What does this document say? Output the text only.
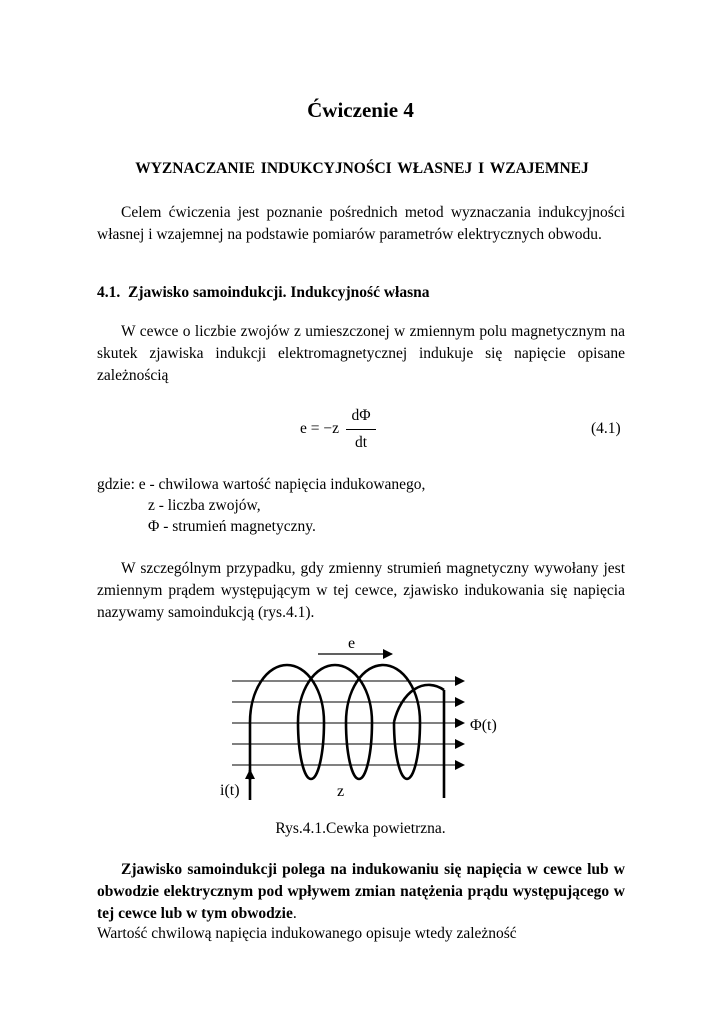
Ćwiczenie 4
WYZNACZANIE INDUKCYJNOŚCI WŁASNEJ I WZAJEMNEJ

Celem ćwiczenia jest poznanie pośrednich metod wyznaczania indukcyjności własnej i wzajemnej na podstawie pomiarów parametrów elektrycznych obwodu.

4.1. Zjawisko samoindukcji. Indukcyjność własna

W cewce o liczbie zwojów z umieszczonej w zmiennym polu magnetycznym na skutek zjawiska indukcji elektromagnetycznej indukuje się napięcie opisane zależnością

e = −z
dΦ
dt
(4.1)
gdzie: e - chwilowa wartość napięcia indukowanego,
z - liczba zwojów,
Φ - strumień magnetyczny.

W szczególnym przypadku, gdy zmienny strumień magnetyczny wywołany jest zmiennym prądem występującym w tej cewce, zjawisko indukowania się napięcia nazywamy samoindukcją (rys.4.1).

e
i(t)	z
Φ(t)
Rys.4.1.Cewka powietrzna.

Zjawisko samoindukcji polega na indukowaniu się napięcia w cewce lub w obwodzie elektrycznym pod wpływem zmian natężenia prądu występującego w tej cewce lub w tym obwodzie.

Wartość chwilową napięcia indukowanego opisuje wtedy zależność
